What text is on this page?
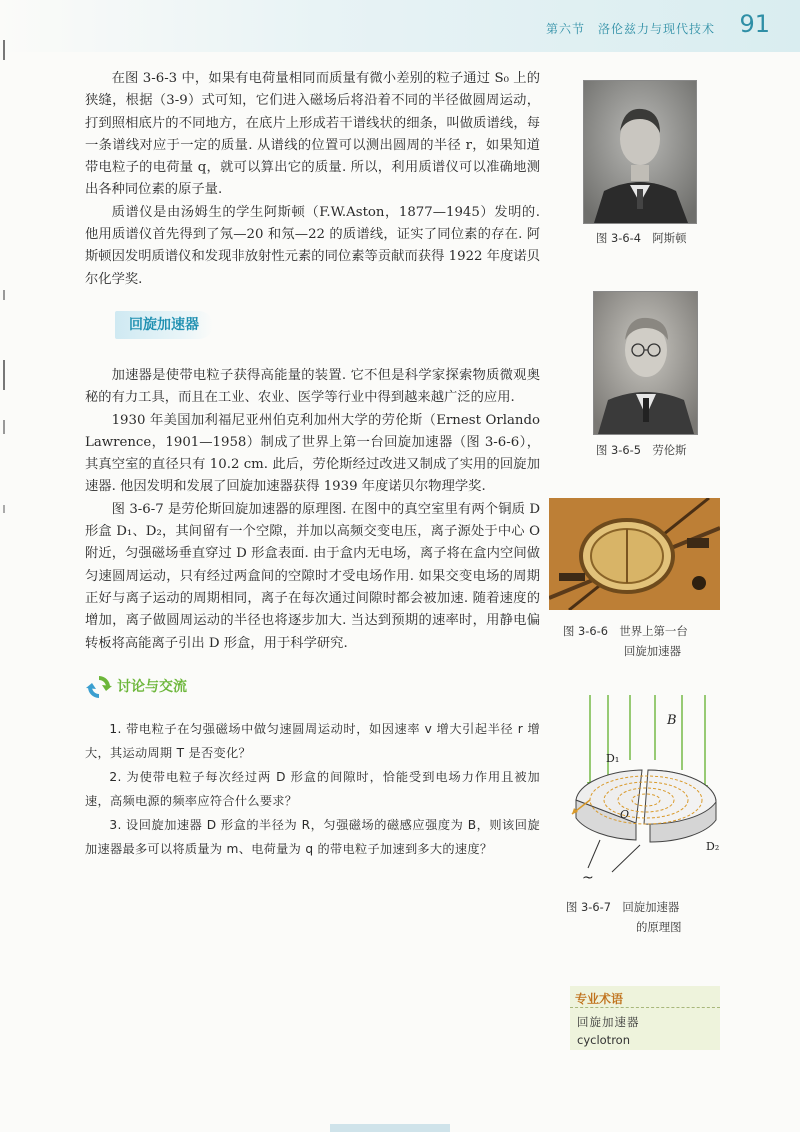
第六节　洛伦兹力与现代技术 91

在图 3-6-3 中，如果有电荷量相同而质量有微小差别的粒子通过 S₀ 上的狭缝，根据（3-9）式可知，它们进入磁场后将沿着不同的半径做圆周运动，打到照相底片的不同地方，在底片上形成若干谱线状的细条，叫做质谱线，每一条谱线对应于一定的质量. 从谱线的位置可以测出圆周的半径 r，如果知道带电粒子的电荷量 q，就可以算出它的质量. 所以，利用质谱仪可以准确地测出各种同位素的原子量.

质谱仪是由汤姆生的学生阿斯顿（F.W.Aston，1877—1945）发明的. 他用质谱仪首先得到了氖—20 和氖—22 的质谱线，证实了同位素的存在. 阿斯顿因发明质谱仪和发现非放射性元素的同位素等贡献而获得 1922 年度诺贝尔化学奖.

回旋加速器

加速器是使带电粒子获得高能量的装置. 它不但是科学家探索物质微观奥秘的有力工具，而且在工业、农业、医学等行业中得到越来越广泛的应用.

1930 年美国加利福尼亚州伯克利加州大学的劳伦斯（Ernest Orlando Lawrence，1901—1958）制成了世界上第一台回旋加速器（图 3-6-6），其真空室的直径只有 10.2 cm. 此后，劳伦斯经过改进又制成了实用的回旋加速器. 他因发明和发展了回旋加速器获得 1939 年度诺贝尔物理学奖.

图 3-6-7 是劳伦斯回旋加速器的原理图. 在图中的真空室里有两个铜质 D 形盒 D₁、D₂，其间留有一个空隙，并加以高频交变电压，离子源处于中心 O 附近，匀强磁场垂直穿过 D 形盒表面. 由于盒内无电场，离子将在盒内空间做匀速圆周运动，只有经过两盒间的空隙时才受电场作用. 如果交变电场的周期正好与离子运动的周期相同，离子在每次通过间隙时都会被加速. 随着速度的增加，离子做圆周运动的半径也将逐步加大. 当达到预期的速率时，用静电偏转板将高能离子引出 D 形盒，用于科学研究.

讨论与交流

1. 带电粒子在匀强磁场中做匀速圆周运动时，如因速率 v 增大引起半径 r 增大，其运动周期 T 是否变化？

2. 为使带电粒子每次经过两 D 形盒的间隙时，恰能受到电场力作用且被加速，高频电源的频率应符合什么要求？

3. 设回旋加速器 D 形盒的半径为 R，匀强磁场的磁感应强度为 B，则该回旋加速器最多可以将质量为 m、电荷量为 q 的带电粒子加速到多大的速度？

图 3-6-4　阿斯顿
图 3-6-5　劳伦斯
图 3-6-6　世界上第一台
回旋加速器
B
D₁
D₂
O
~
图 3-6-7　回旋加速器
的原理图
专业术语
回旋加速器
cyclotron
